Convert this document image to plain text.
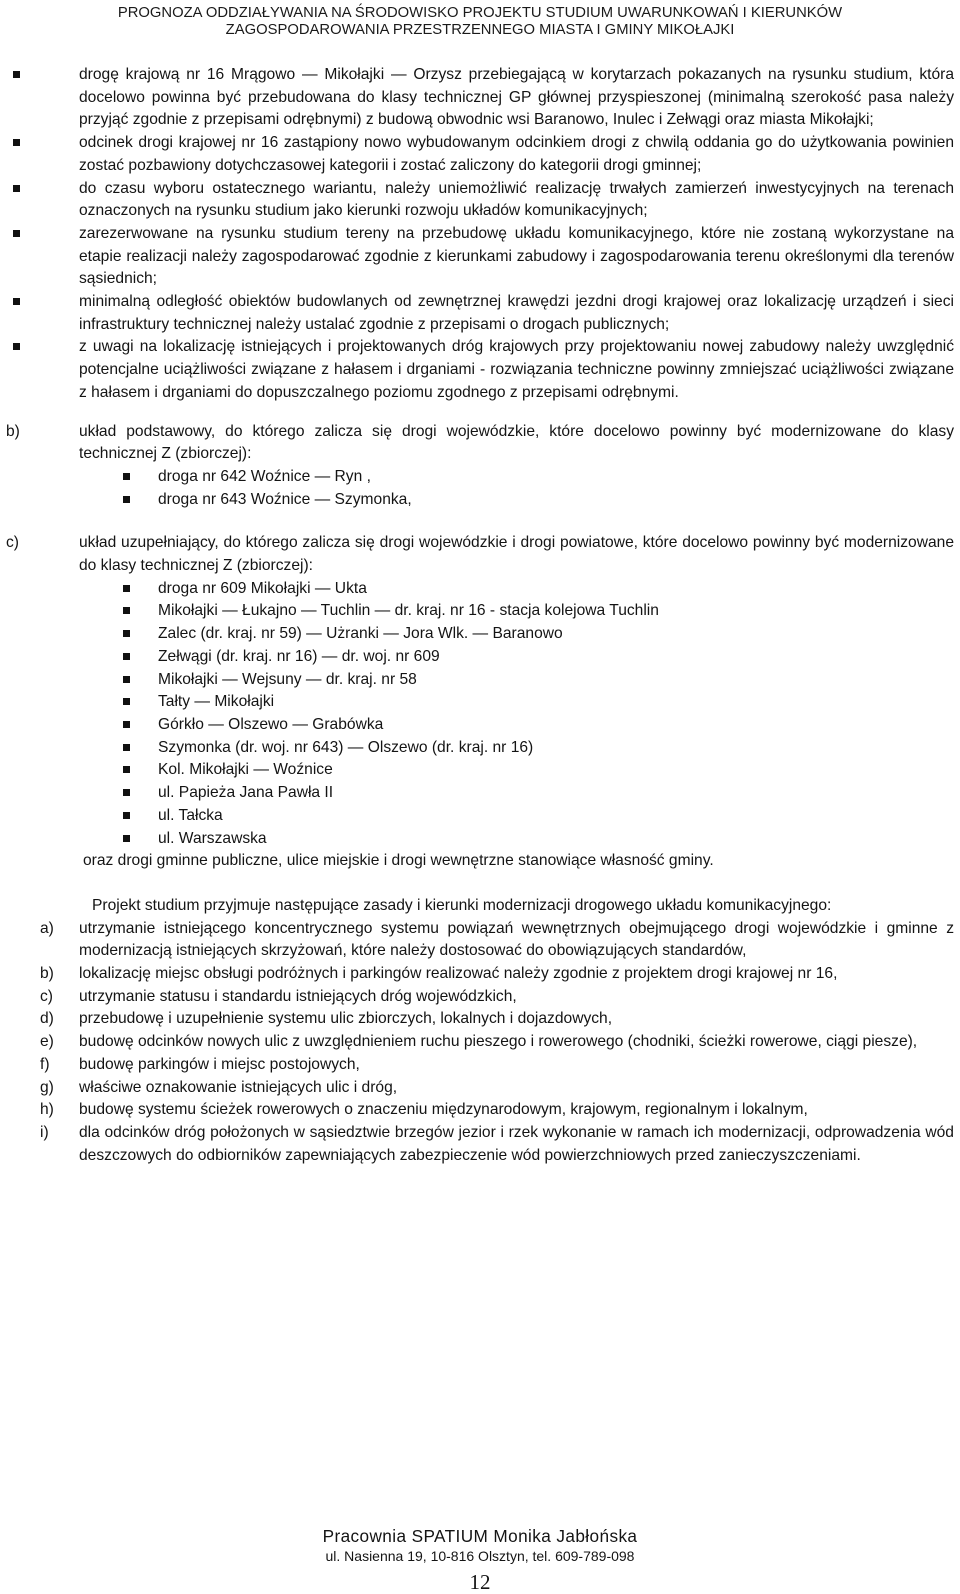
PROGNOZA ODDZIAŁYWANIA NA ŚRODOWISKO PROJEKTU STUDIUM UWARUNKOWAŃ I KIERUNKÓW
ZAGOSPODAROWANIA PRZESTRZENNEGO MIASTA I GMINY MIKOŁAJKI
drogę krajową nr 16 Mrągowo — Mikołajki — Orzysz przebiegającą w korytarzach pokazanych na rysunku studium, która docelowo powinna być przebudowana do klasy technicznej GP głównej przyspieszonej (minimalną szerokość pasa należy przyjąć zgodnie z przepisami odrębnymi) z budową obwodnic wsi Baranowo, Inulec i Zełwągi oraz miasta Mikołajki;
odcinek drogi krajowej nr 16 zastąpiony nowo wybudowanym odcinkiem drogi z chwilą oddania go do użytkowania powinien zostać pozbawiony dotychczasowej kategorii i zostać zaliczony do kategorii drogi gminnej;
do czasu wyboru ostatecznego wariantu, należy uniemożliwić realizację trwałych zamierzeń inwestycyjnych na terenach oznaczonych na rysunku studium jako kierunki rozwoju układów komunikacyjnych;
zarezerwowane na rysunku studium tereny na przebudowę układu komunikacyjnego, które nie zostaną wykorzystane na etapie realizacji należy zagospodarować zgodnie z kierunkami zabudowy i zagospodarowania terenu określonymi dla terenów sąsiednich;
minimalną odległość obiektów budowlanych od zewnętrznej krawędzi jezdni drogi krajowej oraz lokalizację urządzeń i sieci infrastruktury technicznej należy ustalać zgodnie z przepisami o drogach publicznych;
z uwagi na lokalizację istniejących i projektowanych dróg krajowych przy projektowaniu nowej zabudowy należy uwzględnić potencjalne uciążliwości związane z hałasem i drganiami - rozwiązania techniczne powinny zmniejszać uciążliwości związane z hałasem i drganiami do dopuszczalnego poziomu zgodnego z przepisami odrębnymi.
b)	układ podstawowy, do którego zalicza się drogi wojewódzkie, które docelowo powinny być modernizowane do klasy technicznej Z (zbiorczej):
droga nr 642 Woźnice — Ryn ,
droga nr 643 Woźnice — Szymonka,
c)	układ uzupełniający, do którego zalicza się drogi wojewódzkie i drogi powiatowe, które docelowo powinny być modernizowane do klasy technicznej Z (zbiorczej):
droga nr 609 Mikołajki — Ukta
Mikołajki — Łukajno — Tuchlin — dr. kraj. nr 16 - stacja kolejowa Tuchlin
Zalec (dr. kraj. nr 59) — Użranki — Jora Wlk. — Baranowo
Zełwągi (dr. kraj. nr 16) — dr. woj. nr 609
Mikołajki — Wejsuny — dr. kraj. nr 58
Tałty — Mikołajki
Górkło — Olszewo — Grabówka
Szymonka (dr. woj. nr 643) — Olszewo (dr. kraj. nr 16)
Kol. Mikołajki — Woźnice
ul. Papieża Jana Pawła II
ul. Tałcka
ul. Warszawska
oraz drogi gminne publiczne, ulice miejskie i drogi wewnętrzne stanowiące własność gminy.
Projekt studium przyjmuje następujące zasady i kierunki modernizacji drogowego układu komunikacyjnego:
a) utrzymanie istniejącego koncentrycznego systemu powiązań wewnętrznych obejmującego drogi wojewódzkie i gminne z modernizacją istniejących skrzyżowań, które należy dostosować do obowiązujących standardów,
b) lokalizację miejsc obsługi podróżnych i parkingów realizować należy zgodnie z projektem drogi krajowej nr 16,
c) utrzymanie statusu i standardu istniejących dróg wojewódzkich,
d) przebudowę i uzupełnienie systemu ulic zbiorczych, lokalnych i dojazdowych,
e) budowę odcinków nowych ulic z uwzględnieniem ruchu pieszego i rowerowego (chodniki, ścieżki rowerowe, ciągi piesze),
f) budowę parkingów i miejsc postojowych,
g) właściwe oznakowanie istniejących ulic i dróg,
h) budowę systemu ścieżek rowerowych o znaczeniu międzynarodowym, krajowym, regionalnym i lokalnym,
i) dla odcinków dróg położonych w sąsiedztwie brzegów jezior i rzek wykonanie w ramach ich modernizacji, odprowadzenia wód deszczowych do odbiorników zapewniających zabezpieczenie wód powierzchniowych przed zanieczyszczeniami.
Pracownia SPATIUM Monika Jabłońska
ul. Nasienna 19, 10-816 Olsztyn, tel. 609-789-098
12
